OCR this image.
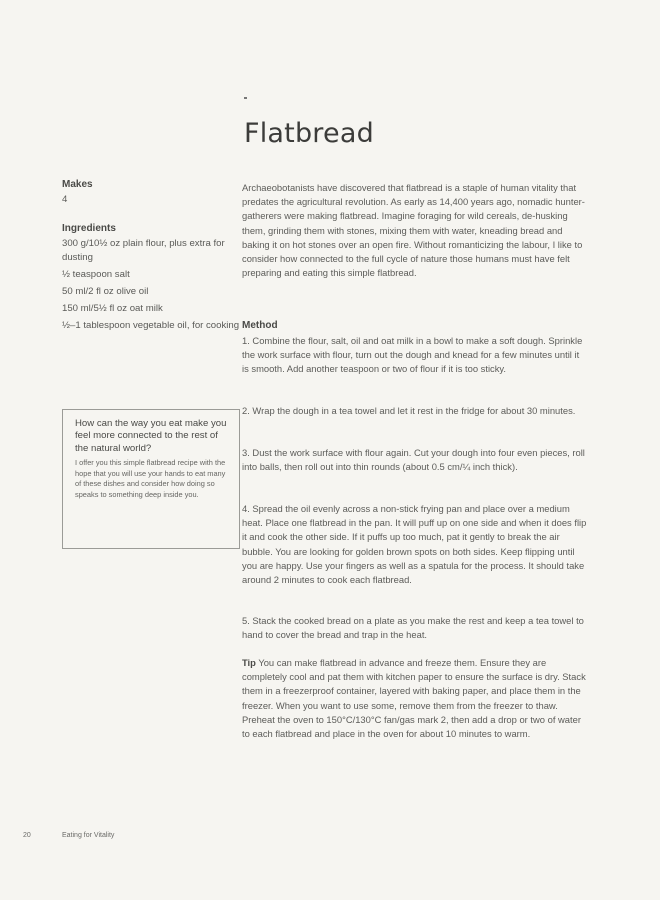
Flatbread

Makes

4

Ingredients

300 g/10½ oz plain flour, plus extra for dusting
½ teaspoon salt
50 ml/2 fl oz olive oil
150 ml/5½ fl oz oat milk
½–1 tablespoon vegetable oil, for cooking

How can the way you eat make you feel more connected to the rest of the natural world?

I offer you this simple flatbread recipe with the hope that you will use your hands to eat many of these dishes and consider how doing so speaks to something deep inside you.

Archaeobotanists have discovered that flatbread is a staple of human vitality that predates the agricultural revolution. As early as 14,400 years ago, nomadic hunter-gatherers were making flatbread. Imagine foraging for wild cereals, de-husking them, grinding them with stones, mixing them with water, kneading bread and baking it on hot stones over an open fire. Without romanticizing the labour, I like to consider how connected to the full cycle of nature those humans must have felt preparing and eating this simple flatbread.

Method

1. Combine the flour, salt, oil and oat milk in a bowl to make a soft dough. Sprinkle the work surface with flour, turn out the dough and knead for a few minutes until it is smooth. Add another teaspoon or two of flour if it is too sticky.

2. Wrap the dough in a tea towel and let it rest in the fridge for about 30 minutes.

3. Dust the work surface with flour again. Cut your dough into four even pieces, roll into balls, then roll out into thin rounds (about 0.5 cm/¼ inch thick).

4. Spread the oil evenly across a non-stick frying pan and place over a medium heat. Place one flatbread in the pan. It will puff up on one side and when it does flip it and cook the other side. If it puffs up too much, pat it gently to break the air bubble. You are looking for golden brown spots on both sides. Keep flipping until you are happy. Use your fingers as well as a spatula for the process. It should take around 2 minutes to cook each flatbread.

5. Stack the cooked bread on a plate as you make the rest and keep a tea towel to hand to cover the bread and trap in the heat.

Tip You can make flatbread in advance and freeze them. Ensure they are completely cool and pat them with kitchen paper to ensure the surface is dry. Stack them in a freezerproof container, layered with baking paper, and place them in the freezer. When you want to use some, remove them from the freezer to thaw. Preheat the oven to 150°C/130°C fan/gas mark 2, then add a drop or two of water to each flatbread and place in the oven for about 10 minutes to warm.

20	Eating for Vitality
